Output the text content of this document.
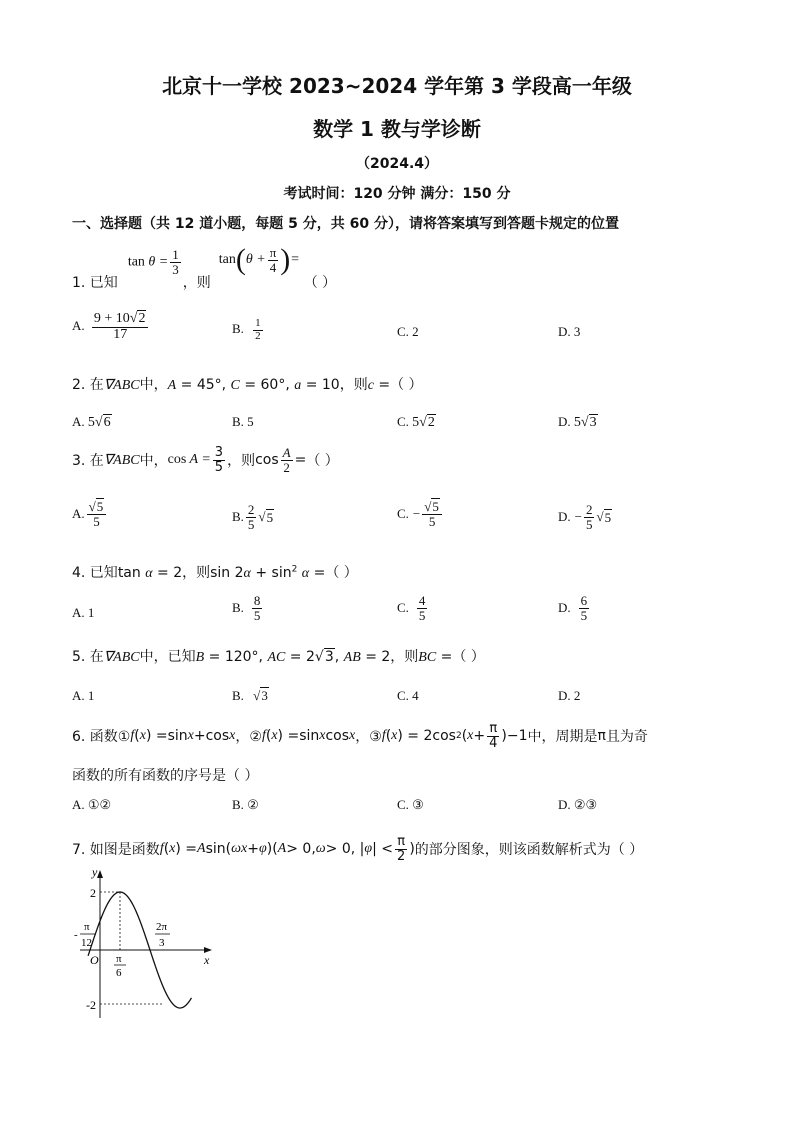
北京十一学校 2023~2024 学年第 3 学段高一年级
数学 1 教与学诊断
（2024.4）
考试时间：120 分钟 满分：150 分
一、选择题（共 12 道小题，每题 5 分，共 60 分），请将答案填写到答题卡规定的位置
1. 已知
$\tan \theta = \frac{1}{3}$
，则
$\tan(\theta + \frac{\pi}{4}$ )=
（ ）
A. $\frac{9 + 10√2}{17}$	B. $\frac{1}{2}$	C. 2	D. 3
2. 在∇ABC中，A = 45°, C = 60°, a = 10，则c =（ ）
A. 5√6	B. 5	C. 5√2	D. 5√3
3. 在 ∇ABC 中， $\cos A = \frac{3}{5}$ ，则 $\cos \frac{A}{2}$ = （ ）
A. $\frac{√5}{5}$	B. $\frac{2}{5}$ √ 5	C. − $\frac{√5}{5}$	D. − $\frac{2}{5}$ √ 5
4. 已知tan α = 2，则$\sin 2\alpha + \sin^2 \alpha$ =（ ）
A. 1	B. $\frac{8}{5}$	C. $\frac{4}{5}$	D. $\frac{6}{5}$
5. 在∇ABC中，已知B = 120°, AC = 2√3, AB = 2，则BC =（ ）
A. 1	B. √3	C. 4	D. 2
6. 函数① f ( x ) = sin x + cos x ，② f ( x ) = sin x cos x ，③ f ( x ) = 2 cos 2 ( $x + \frac{\pi}{4} )-1$ 中，周期是 π 且为奇
函数的所有函数的序号是（ ）
A. ①②	B. ②	C. ③	D. ②③
7. 如图是函数 f ( x ) = A sin ( ωx + φ )( A > 0, ω > 0, | φ | < $\frac{\pi}{2}$ ) 的部分图象，则该函数解析式为（ ）
y
x
O
2
-2
-
π
12
π
6
2π
3
